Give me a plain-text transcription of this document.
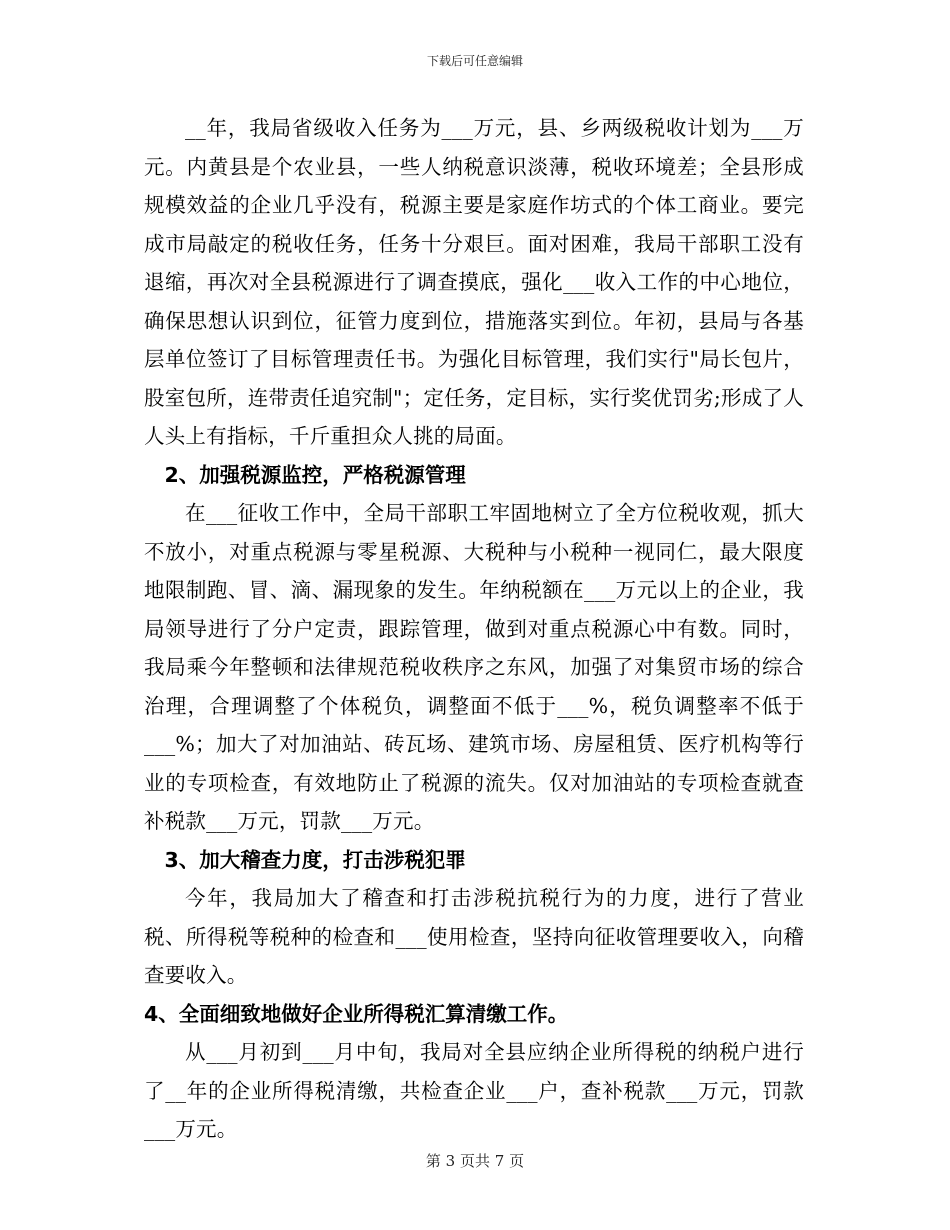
下载后可任意编辑

__年，我局省级收入任务为___万元，县、乡两级税收计划为___万元。内黄县是个农业县，一些人纳税意识淡薄，税收环境差；全县形成规模效益的企业几乎没有，税源主要是家庭作坊式的个体工商业。要完成市局敲定的税收任务，任务十分艰巨。面对困难，我局干部职工没有退缩，再次对全县税源进行了调查摸底，强化___收入工作的中心地位，确保思想认识到位，征管力度到位，措施落实到位。年初，县局与各基层单位签订了目标管理责任书。为强化目标管理，我们实行"局长包片，股室包所，连带责任追究制"；定任务，定目标，实行奖优罚劣;形成了人人头上有指标，千斤重担众人挑的局面。

2、加强税源监控，严格税源管理

在___征收工作中，全局干部职工牢固地树立了全方位税收观，抓大不放小，对重点税源与零星税源、大税种与小税种一视同仁，最大限度地限制跑、冒、滴、漏现象的发生。年纳税额在___万元以上的企业，我局领导进行了分户定责，跟踪管理，做到对重点税源心中有数。同时，我局乘今年整顿和法律规范税收秩序之东风，加强了对集贸市场的综合治理，合理调整了个体税负，调整面不低于___%，税负调整率不低于___%；加大了对加油站、砖瓦场、建筑市场、房屋租赁、医疗机构等行业的专项检查，有效地防止了税源的流失。仅对加油站的专项检查就查补税款___万元，罚款___万元。

3、加大稽查力度，打击涉税犯罪

今年，我局加大了稽查和打击涉税抗税行为的力度，进行了营业税、所得税等税种的检查和___使用检查，坚持向征收管理要收入，向稽查要收入。

4、全面细致地做好企业所得税汇算清缴工作。

从___月初到___月中旬，我局对全县应纳企业所得税的纳税户进行了__年的企业所得税清缴，共检查企业___户，查补税款___万元，罚款___万元。

第 3 页共 7 页
